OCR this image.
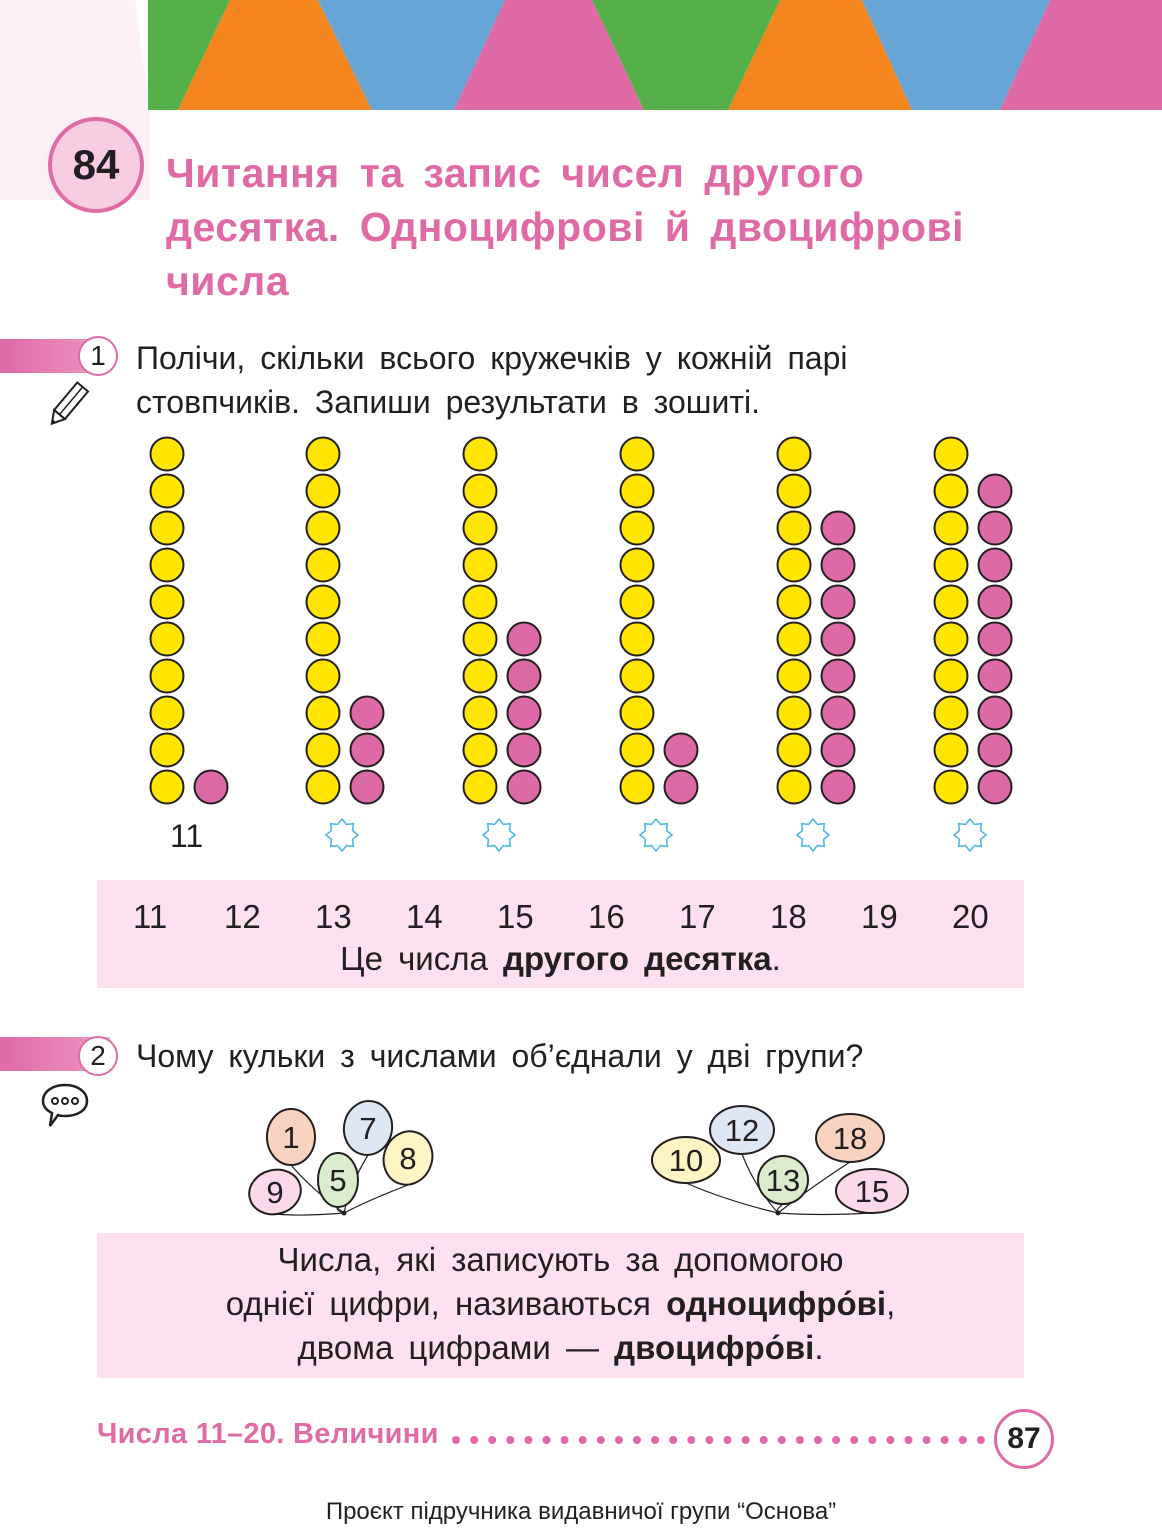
84 Читання та запис чисел другого
десятка. Одноцифрові й двоцифрові
числа
1 Полічи, скільки всього кружечків у кожній парі
стовпчиків. Запиши результати в зошиті.
11
11 12 13 14 15 16 17 18 19 20
Це числа другого десятка.
2 Чому кульки з числами об’єднали у дві групи?
1 7
8
5
9
12
10
13
18
15
Числа, які записують за допомогою
однієї цифри, називаються одноцифро́ві,
двома цифрами — двоцифро́ві.
Числа 11–20. Величини	87
Проєкт підручника видавничої групи “Основа”
